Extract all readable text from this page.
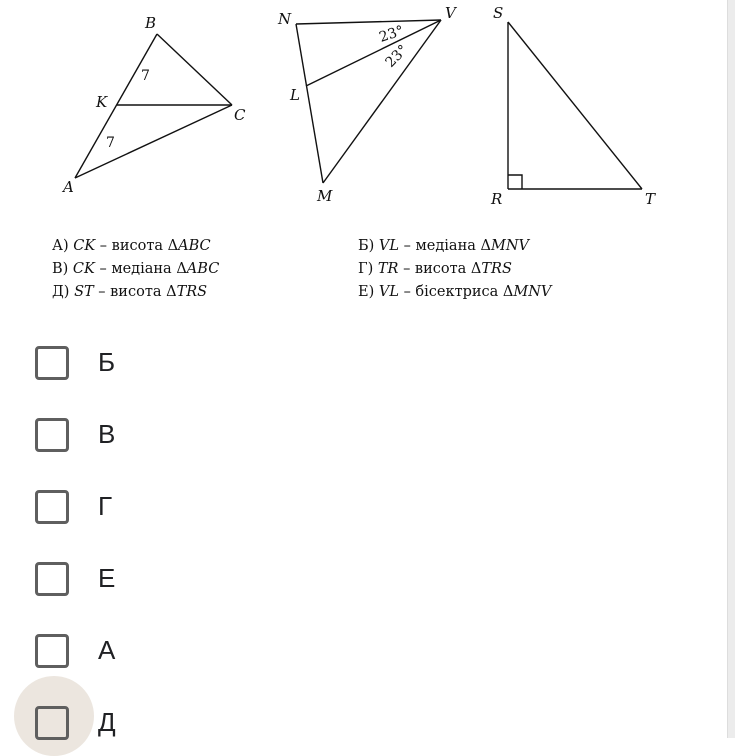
B
A
C
K
7
7
N	V
L
M
23°
23°
S
R	T
А) CK – висота ΔABC
В) CK – медіана ΔABC
Д) ST – висота ΔTRS
Б) VL – медіана ΔMNV
Г) TR – висота ΔTRS
Е) VL – бісектриса ΔMNV
Б
В
Г
Е
А
Д
